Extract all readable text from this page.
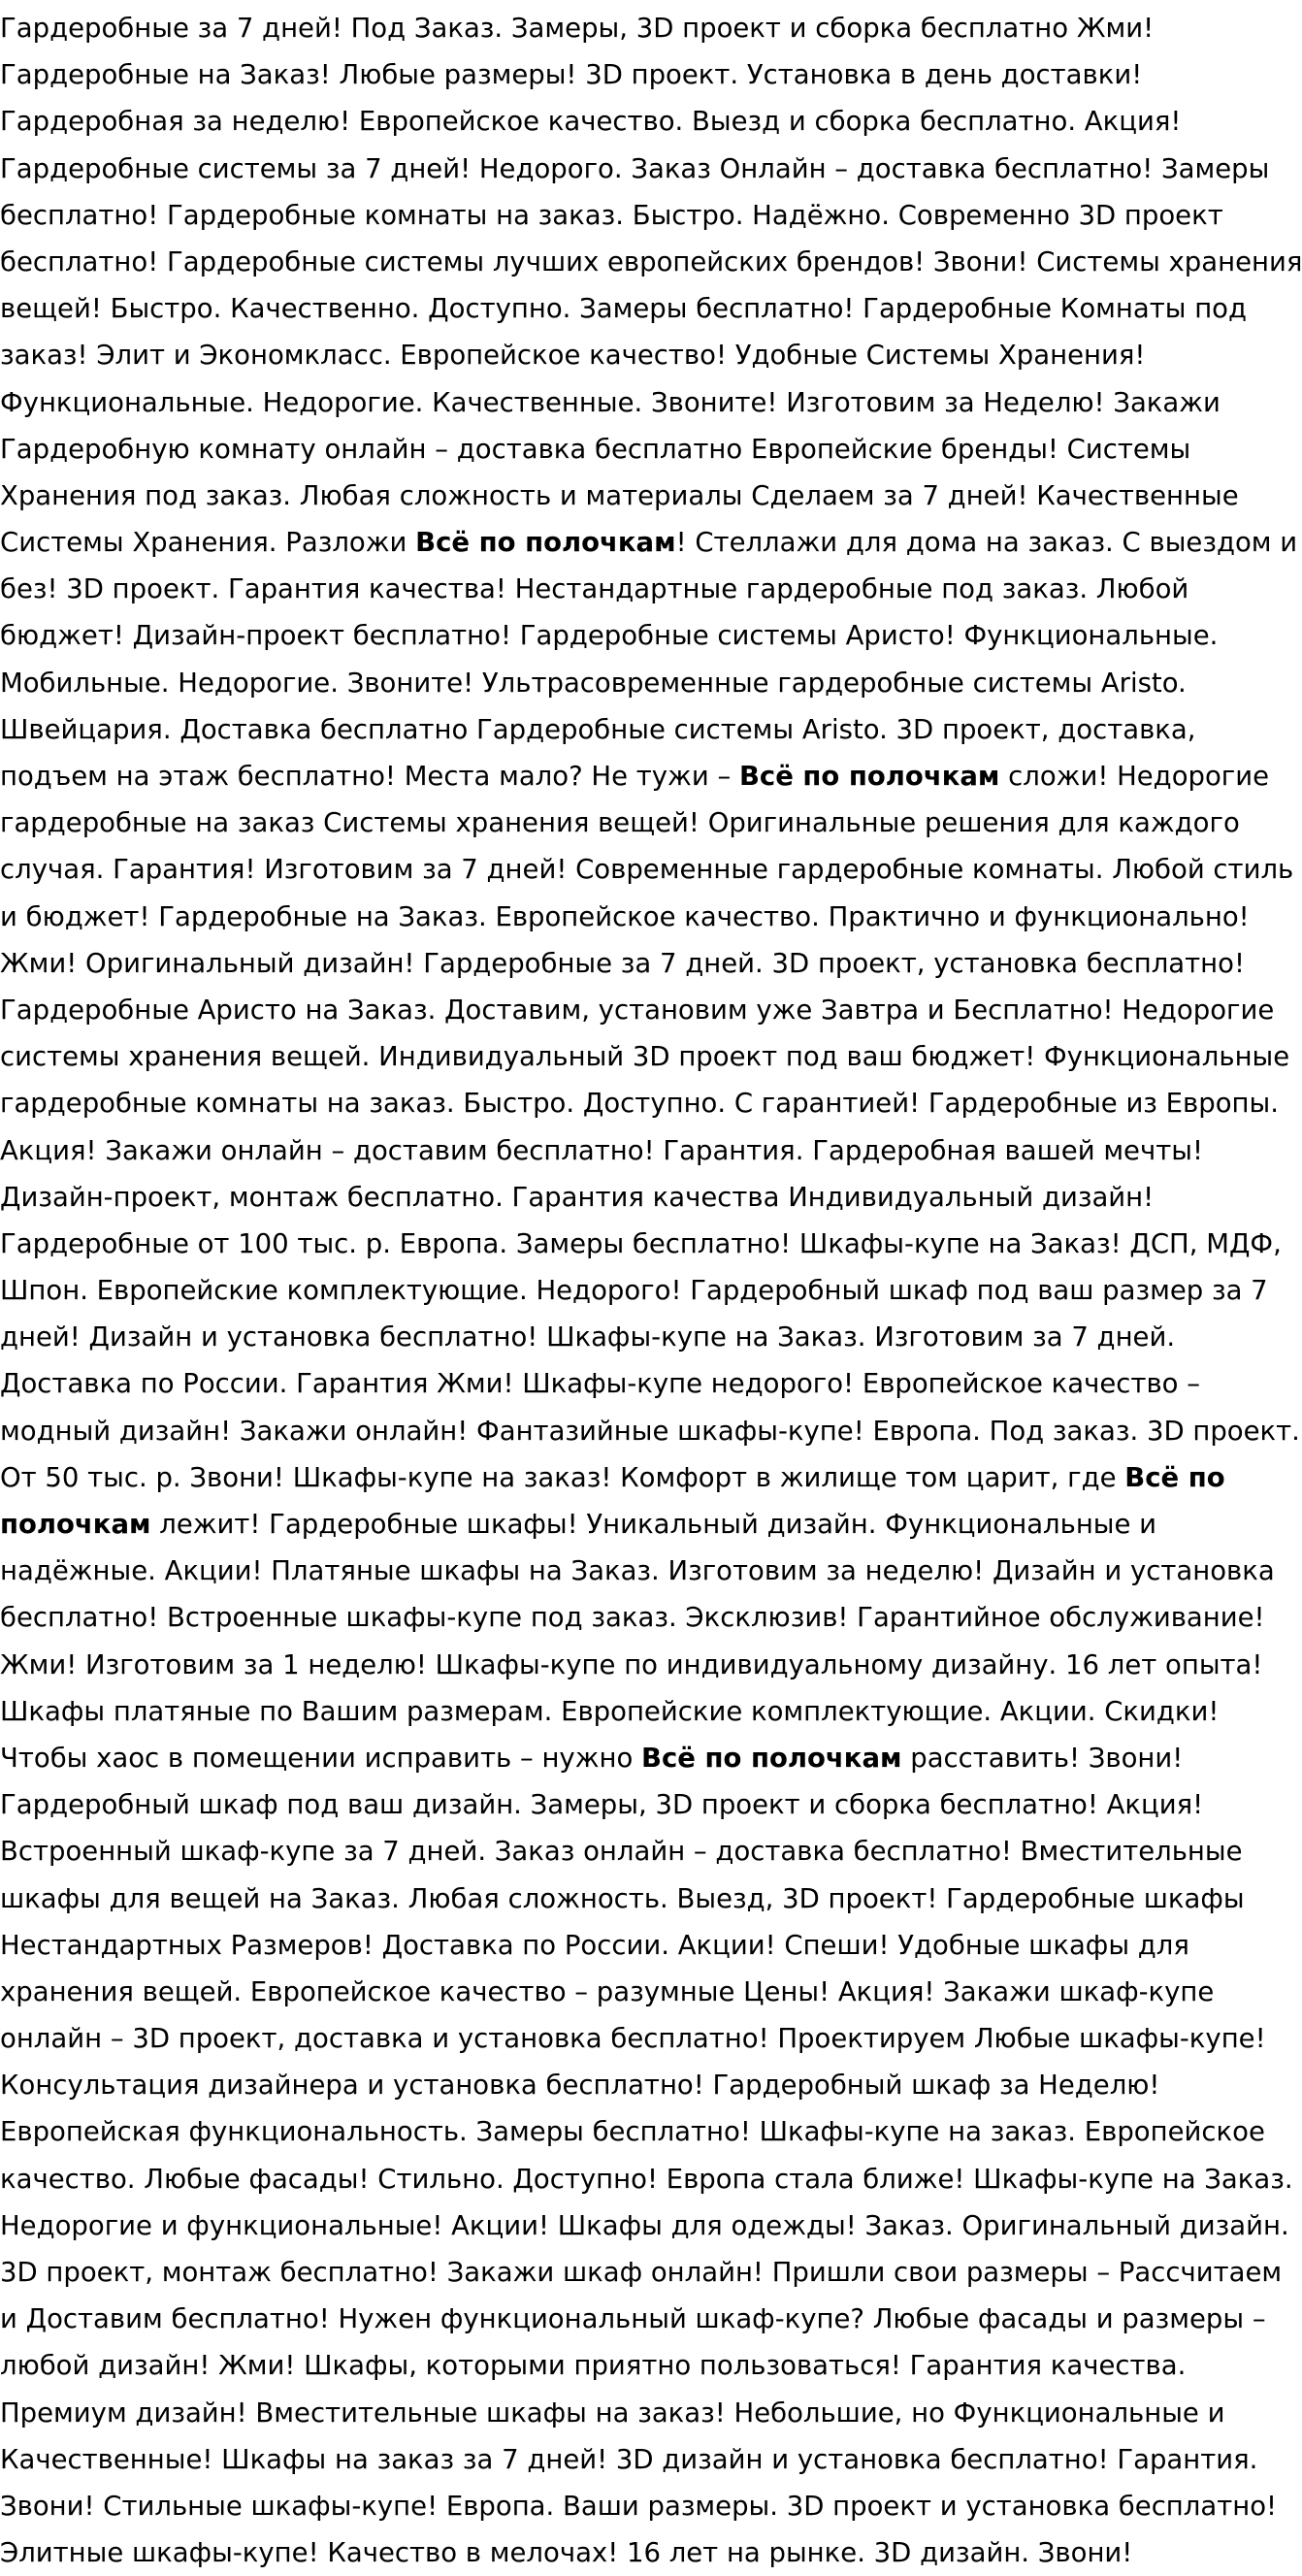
Гардеробные за 7 дней! Под Заказ. Замеры, 3D проект и сборка бесплатно Жми!
Гардеробные на Заказ! Любые размеры! 3D проект. Установка в день доставки!
Гардеробная за неделю! Европейское качество. Выезд и сборка бесплатно. Акция!
Гардеробные системы за 7 дней! Недорого. Заказ Онлайн – доставка бесплатно! Замеры
бесплатно! Гардеробные комнаты на заказ. Быстро. Надёжно. Современно 3D проект
бесплатно! Гардеробные системы лучших европейских брендов! Звони! Системы хранения
вещей! Быстро. Качественно. Доступно. Замеры бесплатно! Гардеробные Комнаты под
заказ! Элит и Экономкласс. Европейское качество! Удобные Системы Хранения!
Функциональные. Недорогие. Качественные. Звоните! Изготовим за Неделю! Закажи
Гардеробную комнату онлайн – доставка бесплатно Европейские бренды! Системы
Хранения под заказ. Любая сложность и материалы Сделаем за 7 дней! Качественные
Системы Хранения. Разложи Всё по полочкам! Стеллажи для дома на заказ. С выездом и
без! 3D проект. Гарантия качества! Нестандартные гардеробные под заказ. Любой
бюджет! Дизайн-проект бесплатно! Гардеробные системы Аристо! Функциональные.
Мобильные. Недорогие. Звоните! Ультрасовременные гардеробные системы Aristo.
Швейцария. Доставка бесплатно Гардеробные системы Aristo. 3D проект, доставка,
подъем на этаж бесплатно! Места мало? Не тужи – Всё по полочкам сложи! Недорогие
гардеробные на заказ Системы хранения вещей! Оригинальные решения для каждого
случая. Гарантия! Изготовим за 7 дней! Современные гардеробные комнаты. Любой стиль
и бюджет! Гардеробные на Заказ. Европейское качество. Практично и функционально!
Жми! Оригинальный дизайн! Гардеробные за 7 дней. 3D проект, установка бесплатно!
Гардеробные Аристо на Заказ. Доставим, установим уже Завтра и Бесплатно! Недорогие
системы хранения вещей. Индивидуальный 3D проект под ваш бюджет! Функциональные
гардеробные комнаты на заказ. Быстро. Доступно. С гарантией! Гардеробные из Европы.
Акция! Закажи онлайн – доставим бесплатно! Гарантия. Гардеробная вашей мечты!
Дизайн-проект, монтаж бесплатно. Гарантия качества Индивидуальный дизайн!
Гардеробные от 100 тыс. р. Европа. Замеры бесплатно! Шкафы-купе на Заказ! ДСП, МДФ,
Шпон. Европейские комплектующие. Недорого! Гардеробный шкаф под ваш размер за 7
дней! Дизайн и установка бесплатно! Шкафы-купе на Заказ. Изготовим за 7 дней.
Доставка по России. Гарантия Жми! Шкафы-купе недорого! Европейское качество –
модный дизайн! Закажи онлайн! Фантазийные шкафы-купе! Европа. Под заказ. 3D проект.
От 50 тыс. р. Звони! Шкафы-купе на заказ! Комфорт в жилище том царит, где Всё по
полочкам лежит! Гардеробные шкафы! Уникальный дизайн. Функциональные и
надёжные. Акции! Платяные шкафы на Заказ. Изготовим за неделю! Дизайн и установка
бесплатно! Встроенные шкафы-купе под заказ. Эксклюзив! Гарантийное обслуживание!
Жми! Изготовим за 1 неделю! Шкафы-купе по индивидуальному дизайну. 16 лет опыта!
Шкафы платяные по Вашим размерам. Европейские комплектующие. Акции. Скидки!
Чтобы хаос в помещении исправить – нужно Всё по полочкам расставить! Звони!
Гардеробный шкаф под ваш дизайн. Замеры, 3D проект и сборка бесплатно! Акция!
Встроенный шкаф-купе за 7 дней. Заказ онлайн – доставка бесплатно! Вместительные
шкафы для вещей на Заказ. Любая сложность. Выезд, 3D проект! Гардеробные шкафы
Нестандартных Размеров! Доставка по России. Акции! Спеши! Удобные шкафы для
хранения вещей. Европейское качество – разумные Цены! Акция! Закажи шкаф-купе
онлайн – 3D проект, доставка и установка бесплатно! Проектируем Любые шкафы-купе!
Консультация дизайнера и установка бесплатно! Гардеробный шкаф за Неделю!
Европейская функциональность. Замеры бесплатно! Шкафы-купе на заказ. Европейское
качество. Любые фасады! Стильно. Доступно! Европа стала ближе! Шкафы-купе на Заказ.
Недорогие и функциональные! Акции! Шкафы для одежды! Заказ. Оригинальный дизайн.
3D проект, монтаж бесплатно! Закажи шкаф онлайн! Пришли свои размеры – Рассчитаем
и Доставим бесплатно! Нужен функциональный шкаф-купе? Любые фасады и размеры –
любой дизайн! Жми! Шкафы, которыми приятно пользоваться! Гарантия качества.
Премиум дизайн! Вместительные шкафы на заказ! Небольшие, но Функциональные и
Качественные! Шкафы на заказ за 7 дней! 3D дизайн и установка бесплатно! Гарантия.
Звони! Стильные шкафы-купе! Европа. Ваши размеры. 3D проект и установка бесплатно!
Элитные шкафы-купе! Качество в мелочах! 16 лет на рынке. 3D дизайн. Звони!
